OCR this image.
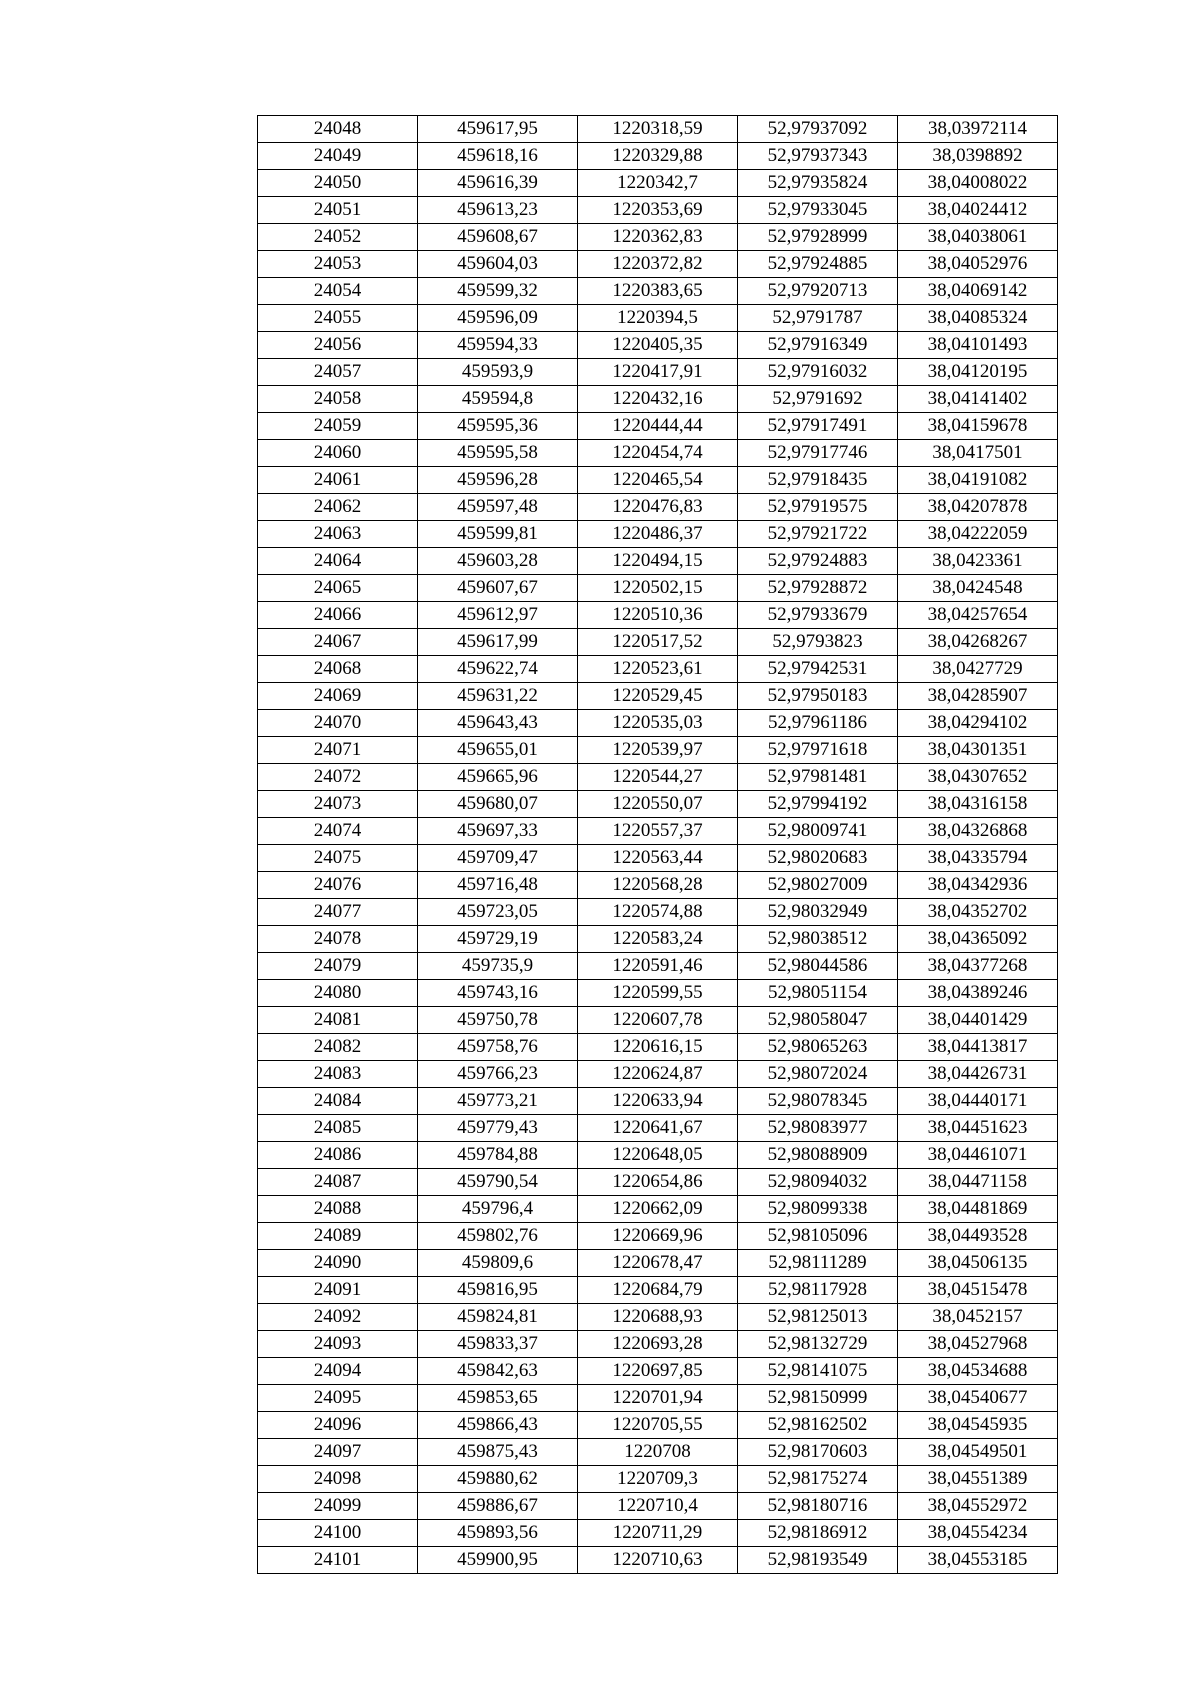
24048	459617,95	1220318,59	52,97937092	38,03972114
24049	459618,16	1220329,88	52,97937343	38,0398892
24050	459616,39	1220342,7	52,97935824	38,04008022
24051	459613,23	1220353,69	52,97933045	38,04024412
24052	459608,67	1220362,83	52,97928999	38,04038061
24053	459604,03	1220372,82	52,97924885	38,04052976
24054	459599,32	1220383,65	52,97920713	38,04069142
24055	459596,09	1220394,5	52,9791787	38,04085324
24056	459594,33	1220405,35	52,97916349	38,04101493
24057	459593,9	1220417,91	52,97916032	38,04120195
24058	459594,8	1220432,16	52,9791692	38,04141402
24059	459595,36	1220444,44	52,97917491	38,04159678
24060	459595,58	1220454,74	52,97917746	38,0417501
24061	459596,28	1220465,54	52,97918435	38,04191082
24062	459597,48	1220476,83	52,97919575	38,04207878
24063	459599,81	1220486,37	52,97921722	38,04222059
24064	459603,28	1220494,15	52,97924883	38,0423361
24065	459607,67	1220502,15	52,97928872	38,0424548
24066	459612,97	1220510,36	52,97933679	38,04257654
24067	459617,99	1220517,52	52,9793823	38,04268267
24068	459622,74	1220523,61	52,97942531	38,0427729
24069	459631,22	1220529,45	52,97950183	38,04285907
24070	459643,43	1220535,03	52,97961186	38,04294102
24071	459655,01	1220539,97	52,97971618	38,04301351
24072	459665,96	1220544,27	52,97981481	38,04307652
24073	459680,07	1220550,07	52,97994192	38,04316158
24074	459697,33	1220557,37	52,98009741	38,04326868
24075	459709,47	1220563,44	52,98020683	38,04335794
24076	459716,48	1220568,28	52,98027009	38,04342936
24077	459723,05	1220574,88	52,98032949	38,04352702
24078	459729,19	1220583,24	52,98038512	38,04365092
24079	459735,9	1220591,46	52,98044586	38,04377268
24080	459743,16	1220599,55	52,98051154	38,04389246
24081	459750,78	1220607,78	52,98058047	38,04401429
24082	459758,76	1220616,15	52,98065263	38,04413817
24083	459766,23	1220624,87	52,98072024	38,04426731
24084	459773,21	1220633,94	52,98078345	38,04440171
24085	459779,43	1220641,67	52,98083977	38,04451623
24086	459784,88	1220648,05	52,98088909	38,04461071
24087	459790,54	1220654,86	52,98094032	38,04471158
24088	459796,4	1220662,09	52,98099338	38,04481869
24089	459802,76	1220669,96	52,98105096	38,04493528
24090	459809,6	1220678,47	52,98111289	38,04506135
24091	459816,95	1220684,79	52,98117928	38,04515478
24092	459824,81	1220688,93	52,98125013	38,0452157
24093	459833,37	1220693,28	52,98132729	38,04527968
24094	459842,63	1220697,85	52,98141075	38,04534688
24095	459853,65	1220701,94	52,98150999	38,04540677
24096	459866,43	1220705,55	52,98162502	38,04545935
24097	459875,43	1220708	52,98170603	38,04549501
24098	459880,62	1220709,3	52,98175274	38,04551389
24099	459886,67	1220710,4	52,98180716	38,04552972
24100	459893,56	1220711,29	52,98186912	38,04554234
24101	459900,95	1220710,63	52,98193549	38,04553185
